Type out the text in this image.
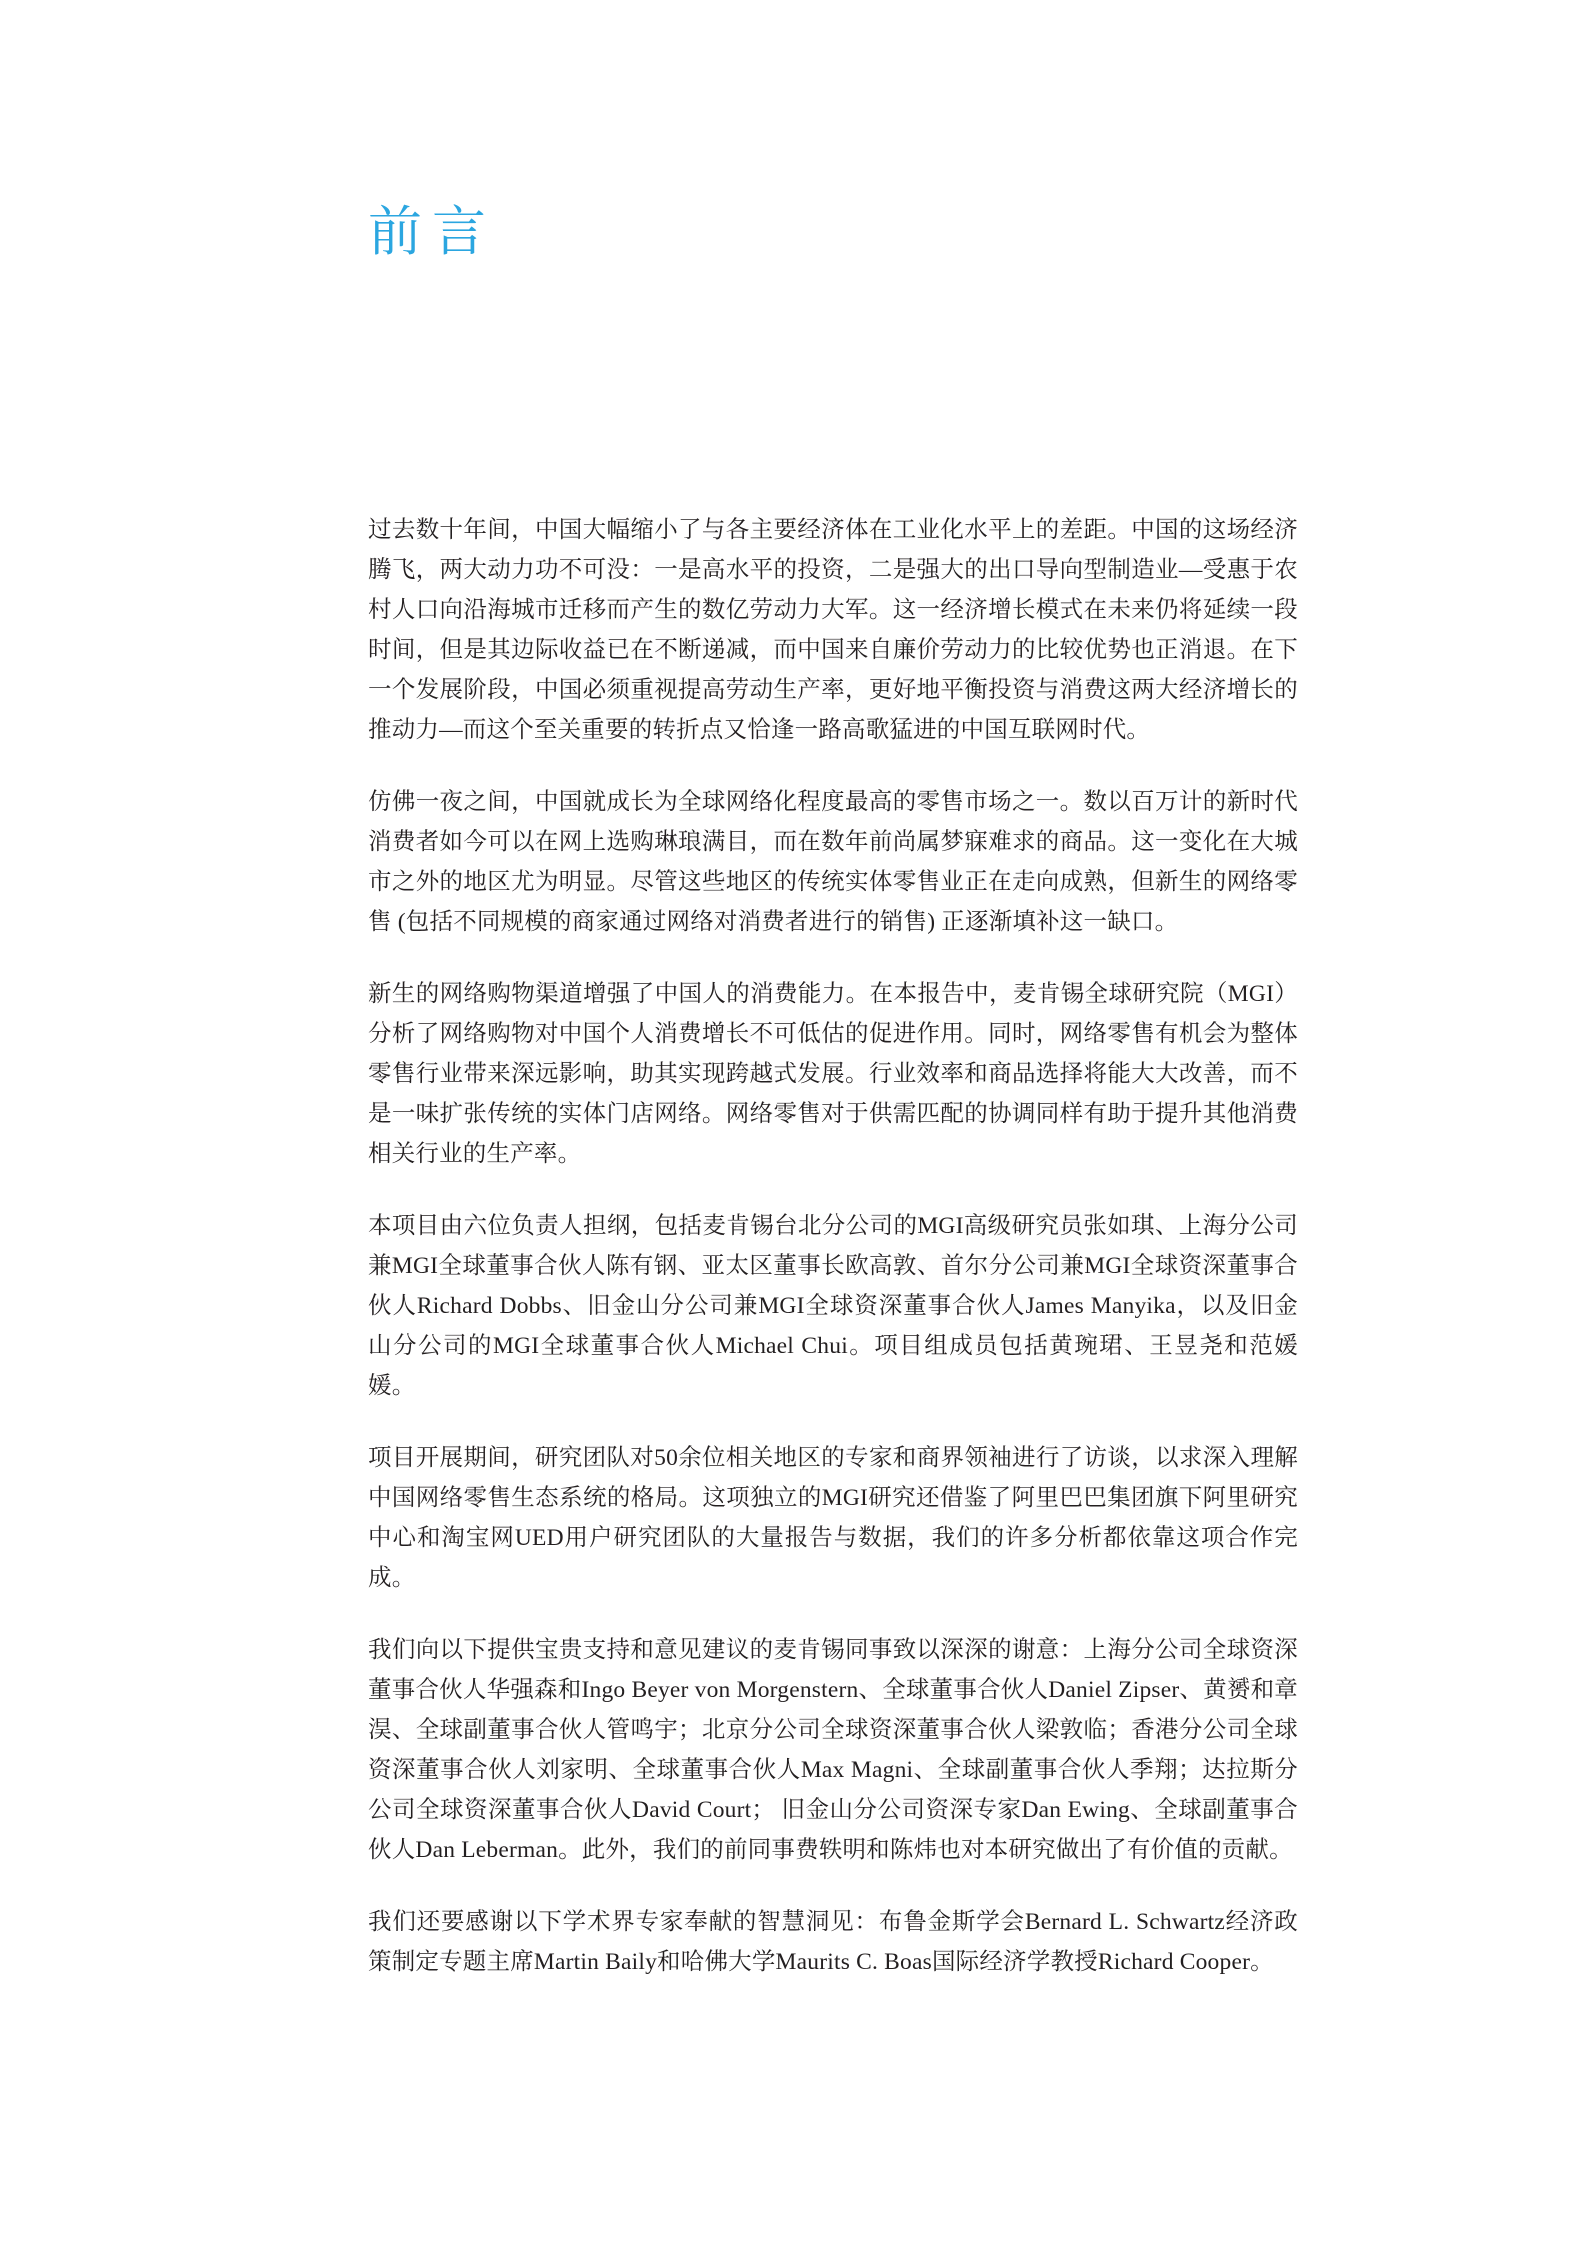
前言

过去数十年间，中国大幅缩小了与各主要经济体在工业化水平上的差距。中国的这场经济腾飞，两大动力功不可没：一是高水平的投资，二是强大的出口导向型制造业—受惠于农村人口向沿海城市迁移而产生的数亿劳动力大军。这一经济增长模式在未来仍将延续一段时间，但是其边际收益已在不断递减，而中国来自廉价劳动力的比较优势也正消退。在下一个发展阶段，中国必须重视提高劳动生产率，更好地平衡投资与消费这两大经济增长的推动力—而这个至关重要的转折点又恰逢一路高歌猛进的中国互联网时代。

仿佛一夜之间，中国就成长为全球网络化程度最高的零售市场之一。数以百万计的新时代消费者如今可以在网上选购琳琅满目，而在数年前尚属梦寐难求的商品。这一变化在大城市之外的地区尤为明显。尽管这些地区的传统实体零售业正在走向成熟，但新生的网络零售 (包括不同规模的商家通过网络对消费者进行的销售) 正逐渐填补这一缺口。

新生的网络购物渠道增强了中国人的消费能力。在本报告中，麦肯锡全球研究院（MGI）分析了网络购物对中国个人消费增长不可低估的促进作用。同时，网络零售有机会为整体零售行业带来深远影响，助其实现跨越式发展。行业效率和商品选择将能大大改善，而不是一味扩张传统的实体门店网络。网络零售对于供需匹配的协调同样有助于提升其他消费相关行业的生产率。

本项目由六位负责人担纲，包括麦肯锡台北分公司的MGI高级研究员张如琪、上海分公司兼MGI全球董事合伙人陈有钢、亚太区董事长欧高敦、首尔分公司兼MGI全球资深董事合伙人Richard Dobbs、旧金山分公司兼MGI全球资深董事合伙人James Manyika，以及旧金山分公司的MGI全球董事合伙人Michael Chui。项目组成员包括黄琬珺、王昱尧和范媛媛。

项目开展期间，研究团队对50余位相关地区的专家和商界领袖进行了访谈，以求深入理解中国网络零售生态系统的格局。这项独立的MGI研究还借鉴了阿里巴巴集团旗下阿里研究中心和淘宝网UED用户研究团队的大量报告与数据，我们的许多分析都依靠这项合作完成。

我们向以下提供宝贵支持和意见建议的麦肯锡同事致以深深的谢意：上海分公司全球资深董事合伙人华强森和Ingo Beyer von Morgenstern、全球董事合伙人Daniel Zipser、黄赟和章淏、全球副董事合伙人管鸣宇；北京分公司全球资深董事合伙人梁敦临；香港分公司全球资深董事合伙人刘家明、全球董事合伙人Max Magni、全球副董事合伙人季翔；达拉斯分公司全球资深董事合伙人David Court； 旧金山分公司资深专家Dan Ewing、全球副董事合伙人Dan Leberman。此外，我们的前同事费轶明和陈炜也对本研究做出了有价值的贡献。

我们还要感谢以下学术界专家奉献的智慧洞见：布鲁金斯学会Bernard L. Schwartz经济政策制定专题主席Martin Baily和哈佛大学Maurits C. Boas国际经济学教授Richard Cooper。
